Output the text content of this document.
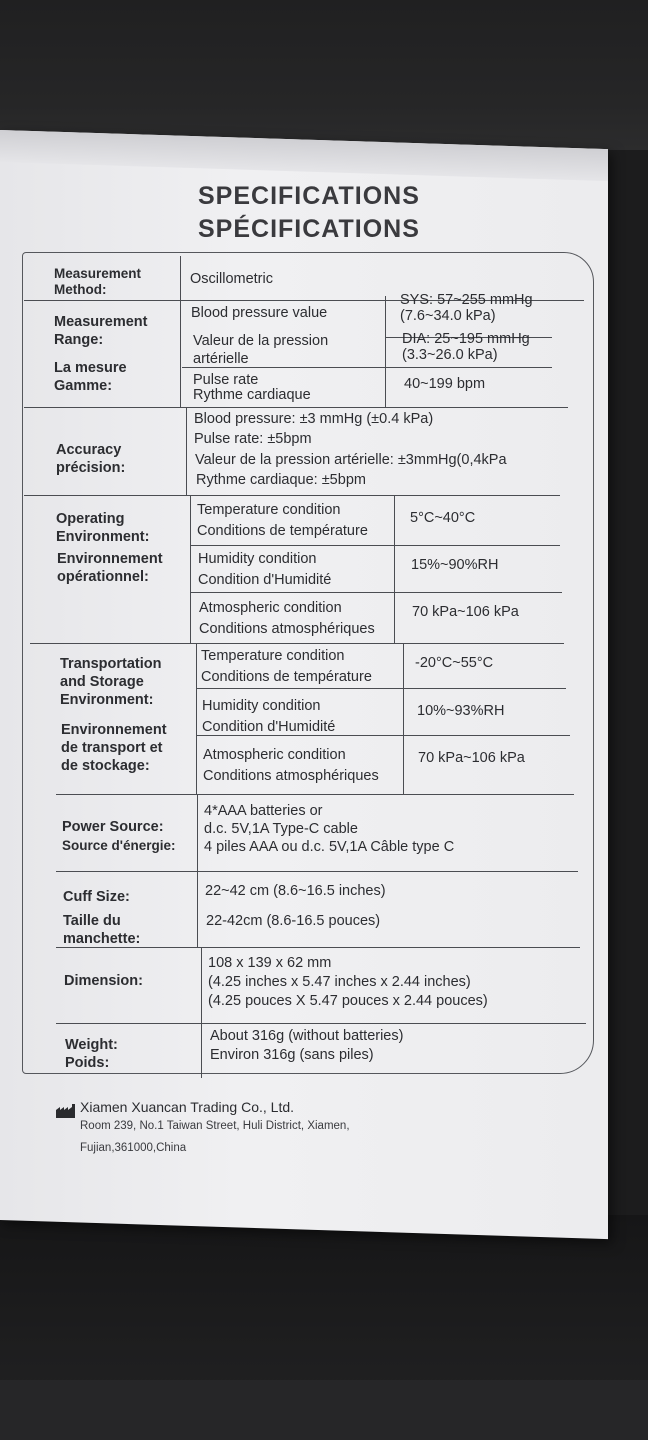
SPECIFICATIONS
SPÉCIFICATIONS
Measurement
Method:
Oscillometric
Measurement
Range:
La mesure
Gamme:
Blood pressure value
Valeur de la pression
artérielle
SYS: 57~255 mmHg
(7.6~34.0 kPa)
DIA: 25~195 mmHg
(3.3~26.0 kPa)
Pulse rate
Rythme cardiaque
40~199 bpm
Accuracy
précision:
Blood pressure: ±3 mmHg (±0.4 kPa)
Pulse rate: ±5bpm
Valeur de la pression artérielle: ±3mmHg(0,4kPa
Rythme cardiaque: ±5bpm
Operating
Environment:
Environnement
opérationnel:
Temperature condition
Conditions de température
5°C~40°C
Humidity condition
Condition d'Humidité
15%~90%RH
Atmospheric condition
Conditions atmosphériques
70 kPa~106 kPa
Transportation
and Storage
Environment:
Environnement
de transport et
de stockage:
Temperature condition
Conditions de température
-20°C~55°C
Humidity condition
Condition d'Humidité
10%~93%RH
Atmospheric condition
Conditions atmosphériques
70 kPa~106 kPa
Power Source:
Source d'énergie:
4*AAA batteries or
d.c. 5V,1A Type-C cable
4 piles AAA ou d.c. 5V,1A Câble type C
Cuff Size:
Taille du
manchette:
22~42 cm (8.6~16.5 inches)
22-42cm (8.6-16.5 pouces)
Dimension:
108 x 139 x 62 mm
(4.25 inches x 5.47 inches x 2.44 inches)
(4.25 pouces X 5.47 pouces x 2.44 pouces)
Weight:
Poids:
About 316g (without batteries)
Environ 316g (sans piles)
Xiamen Xuancan Trading Co., Ltd.
Room 239, No.1 Taiwan Street, Huli District, Xiamen,
Fujian,361000,China
